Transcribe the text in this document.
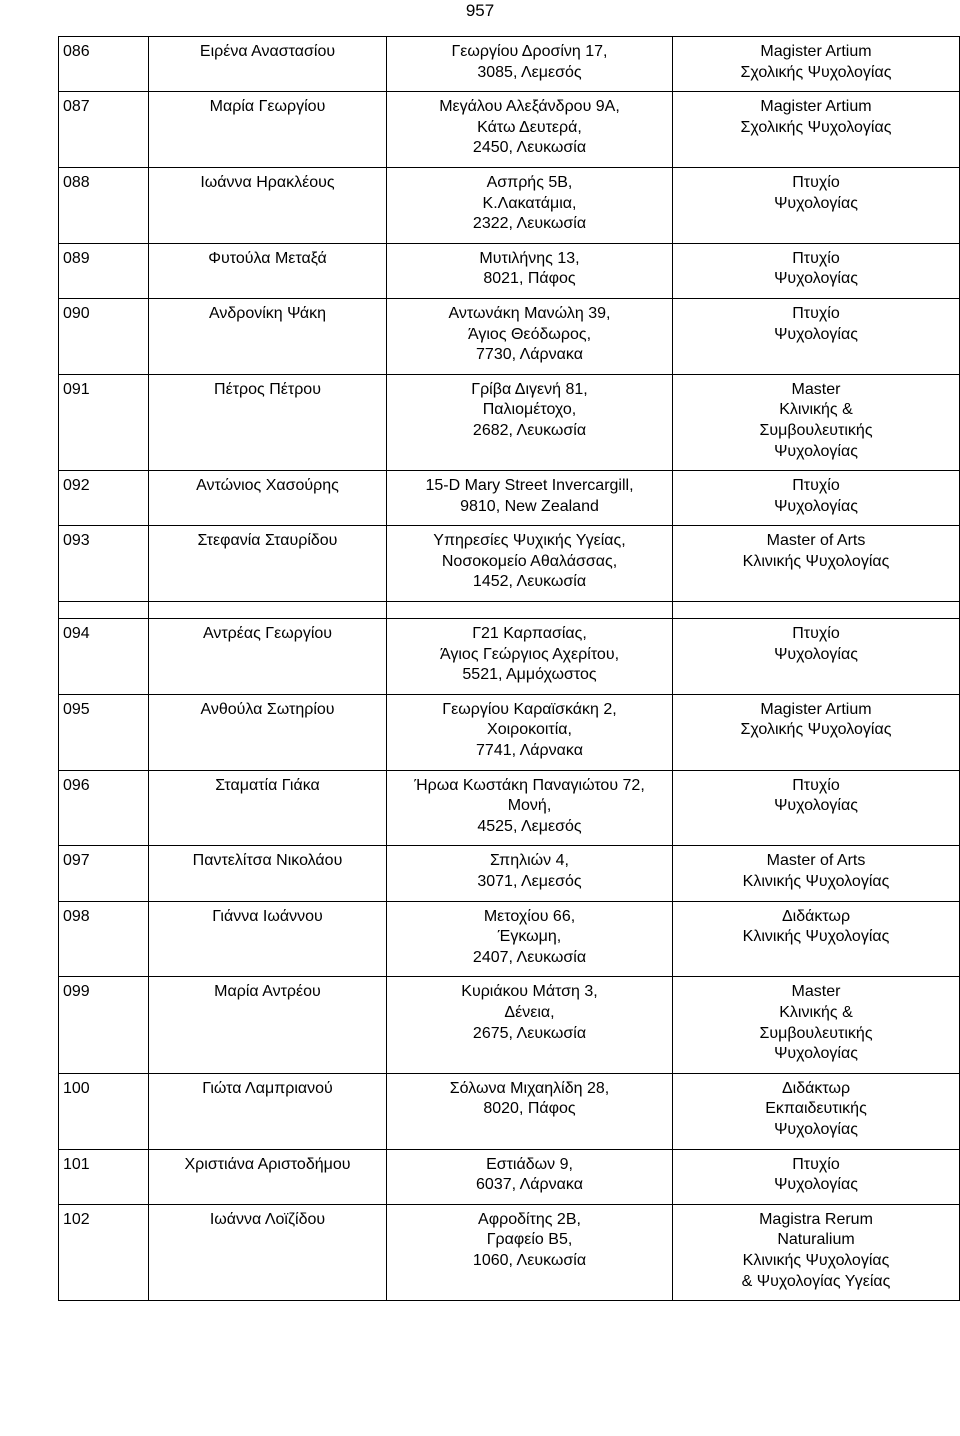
957
086	Ειρένα Αναστασίου	Γεωργίου Δροσίνη 17,
3085, Λεμεσός	Magister Artium
Σχολικής Ψυχολογίας
087	Μαρία Γεωργίου	Μεγάλου Αλεξάνδρου 9Α,
Κάτω Δευτερά,
2450, Λευκωσία	Magister Artium
Σχολικής Ψυχολογίας
088	Ιωάννα Ηρακλέους	Ασπρής 5Β,
Κ.Λακατάμια,
2322, Λευκωσία	Πτυχίο
Ψυχολογίας
089	Φυτούλα Μεταξά	Μυτιλήνης 13,
8021, Πάφος	Πτυχίο
Ψυχολογίας
090	Ανδρονίκη Ψάκη	Αντωνάκη Μανώλη 39,
Άγιος Θεόδωρος,
7730, Λάρνακα	Πτυχίο
Ψυχολογίας
091	Πέτρος Πέτρου	Γρίβα Διγενή 81,
Παλιομέτοχο,
2682, Λευκωσία	Master
Κλινικής &
Συμβουλευτικής
Ψυχολογίας
092	Αντώνιος Χασούρης	15-D Mary Street Invercargill,
9810, New Zealand	Πτυχίο
Ψυχολογίας
093	Στεφανία Σταυρίδου	Υπηρεσίες Ψυχικής Υγείας,
Νοσοκομείο Αθαλάσσας,
1452, Λευκωσία	Master of Arts
Κλινικής Ψυχολογίας

094	Αντρέας Γεωργίου	Γ21 Καρπασίας,
Άγιος Γεώργιος Αχερίτου,
5521, Αμμόχωστος	Πτυχίο
Ψυχολογίας
095	Ανθούλα Σωτηρίου	Γεωργίου Καραϊσκάκη 2,
Χοιροκοιτία,
7741, Λάρνακα	Magister Artium
Σχολικής Ψυχολογίας
096	Σταματία Γιάκα	Ήρωα Κωστάκη Παναγιώτου 72,
Μονή,
4525, Λεμεσός	Πτυχίο
Ψυχολογίας
097	Παντελίτσα Νικολάου	Σπηλιών 4,
3071, Λεμεσός	Master of Arts
Κλινικής Ψυχολογίας
098	Γιάννα Ιωάννου	Μετοχίου 66,
Έγκωμη,
2407, Λευκωσία	Διδάκτωρ
Κλινικής Ψυχολογίας
099	Μαρία Αντρέου	Κυριάκου Μάτση 3,
Δένεια,
2675, Λευκωσία	Master
Κλινικής &
Συμβουλευτικής
Ψυχολογίας
100	Γιώτα Λαμπριανού	Σόλωνα Μιχαηλίδη 28,
8020, Πάφος	Διδάκτωρ
Εκπαιδευτικής
Ψυχολογίας
101	Χριστιάνα Αριστοδήμου	Εστιάδων 9,
6037, Λάρνακα	Πτυχίο
Ψυχολογίας
102	Ιωάννα Λοϊζίδου	Αφροδίτης 2Β,
Γραφείο Β5,
1060, Λευκωσία	Magistra Rerum
Naturalium
Κλινικής Ψυχολογίας
& Ψυχολογίας Υγείας
